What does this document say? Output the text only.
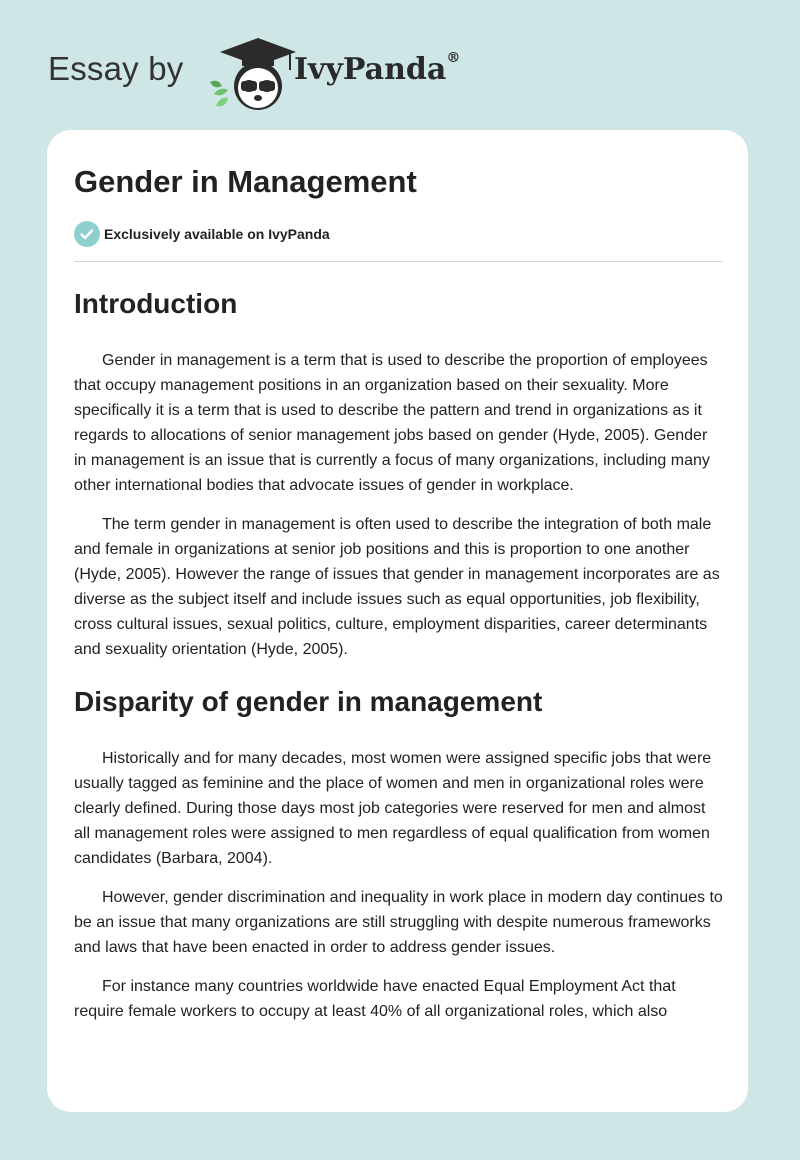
Essay by	IvyPanda®
Gender in Management
Exclusively available on IvyPanda
Introduction

Gender in management is a term that is used to describe the proportion of employees that occupy management positions in an organization based on their sexuality. More specifically it is a term that is used to describe the pattern and trend in organizations as it regards to allocations of senior management jobs based on gender (Hyde, 2005). Gender in management is an issue that is currently a focus of many organizations, including many other international bodies that advocate issues of gender in workplace.

The term gender in management is often used to describe the integration of both male and female in organizations at senior job positions and this is proportion to one another (Hyde, 2005). However the range of issues that gender in management incorporates are as diverse as the subject itself and include issues such as equal opportunities, job flexibility, cross cultural issues, sexual politics, culture, employment disparities, career determinants and sexuality orientation (Hyde, 2005).

Disparity of gender in management

Historically and for many decades, most women were assigned specific jobs that were usually tagged as feminine and the place of women and men in organizational roles were clearly defined. During those days most job categories were reserved for men and almost all management roles were assigned to men regardless of equal qualification from women candidates (Barbara, 2004).

However, gender discrimination and inequality in work place in modern day continues to be an issue that many organizations are still struggling with despite numerous frameworks and laws that have been enacted in order to address gender issues.

For instance many countries worldwide have enacted Equal Employment Act that require female workers to occupy at least 40% of all organizational roles, which also
